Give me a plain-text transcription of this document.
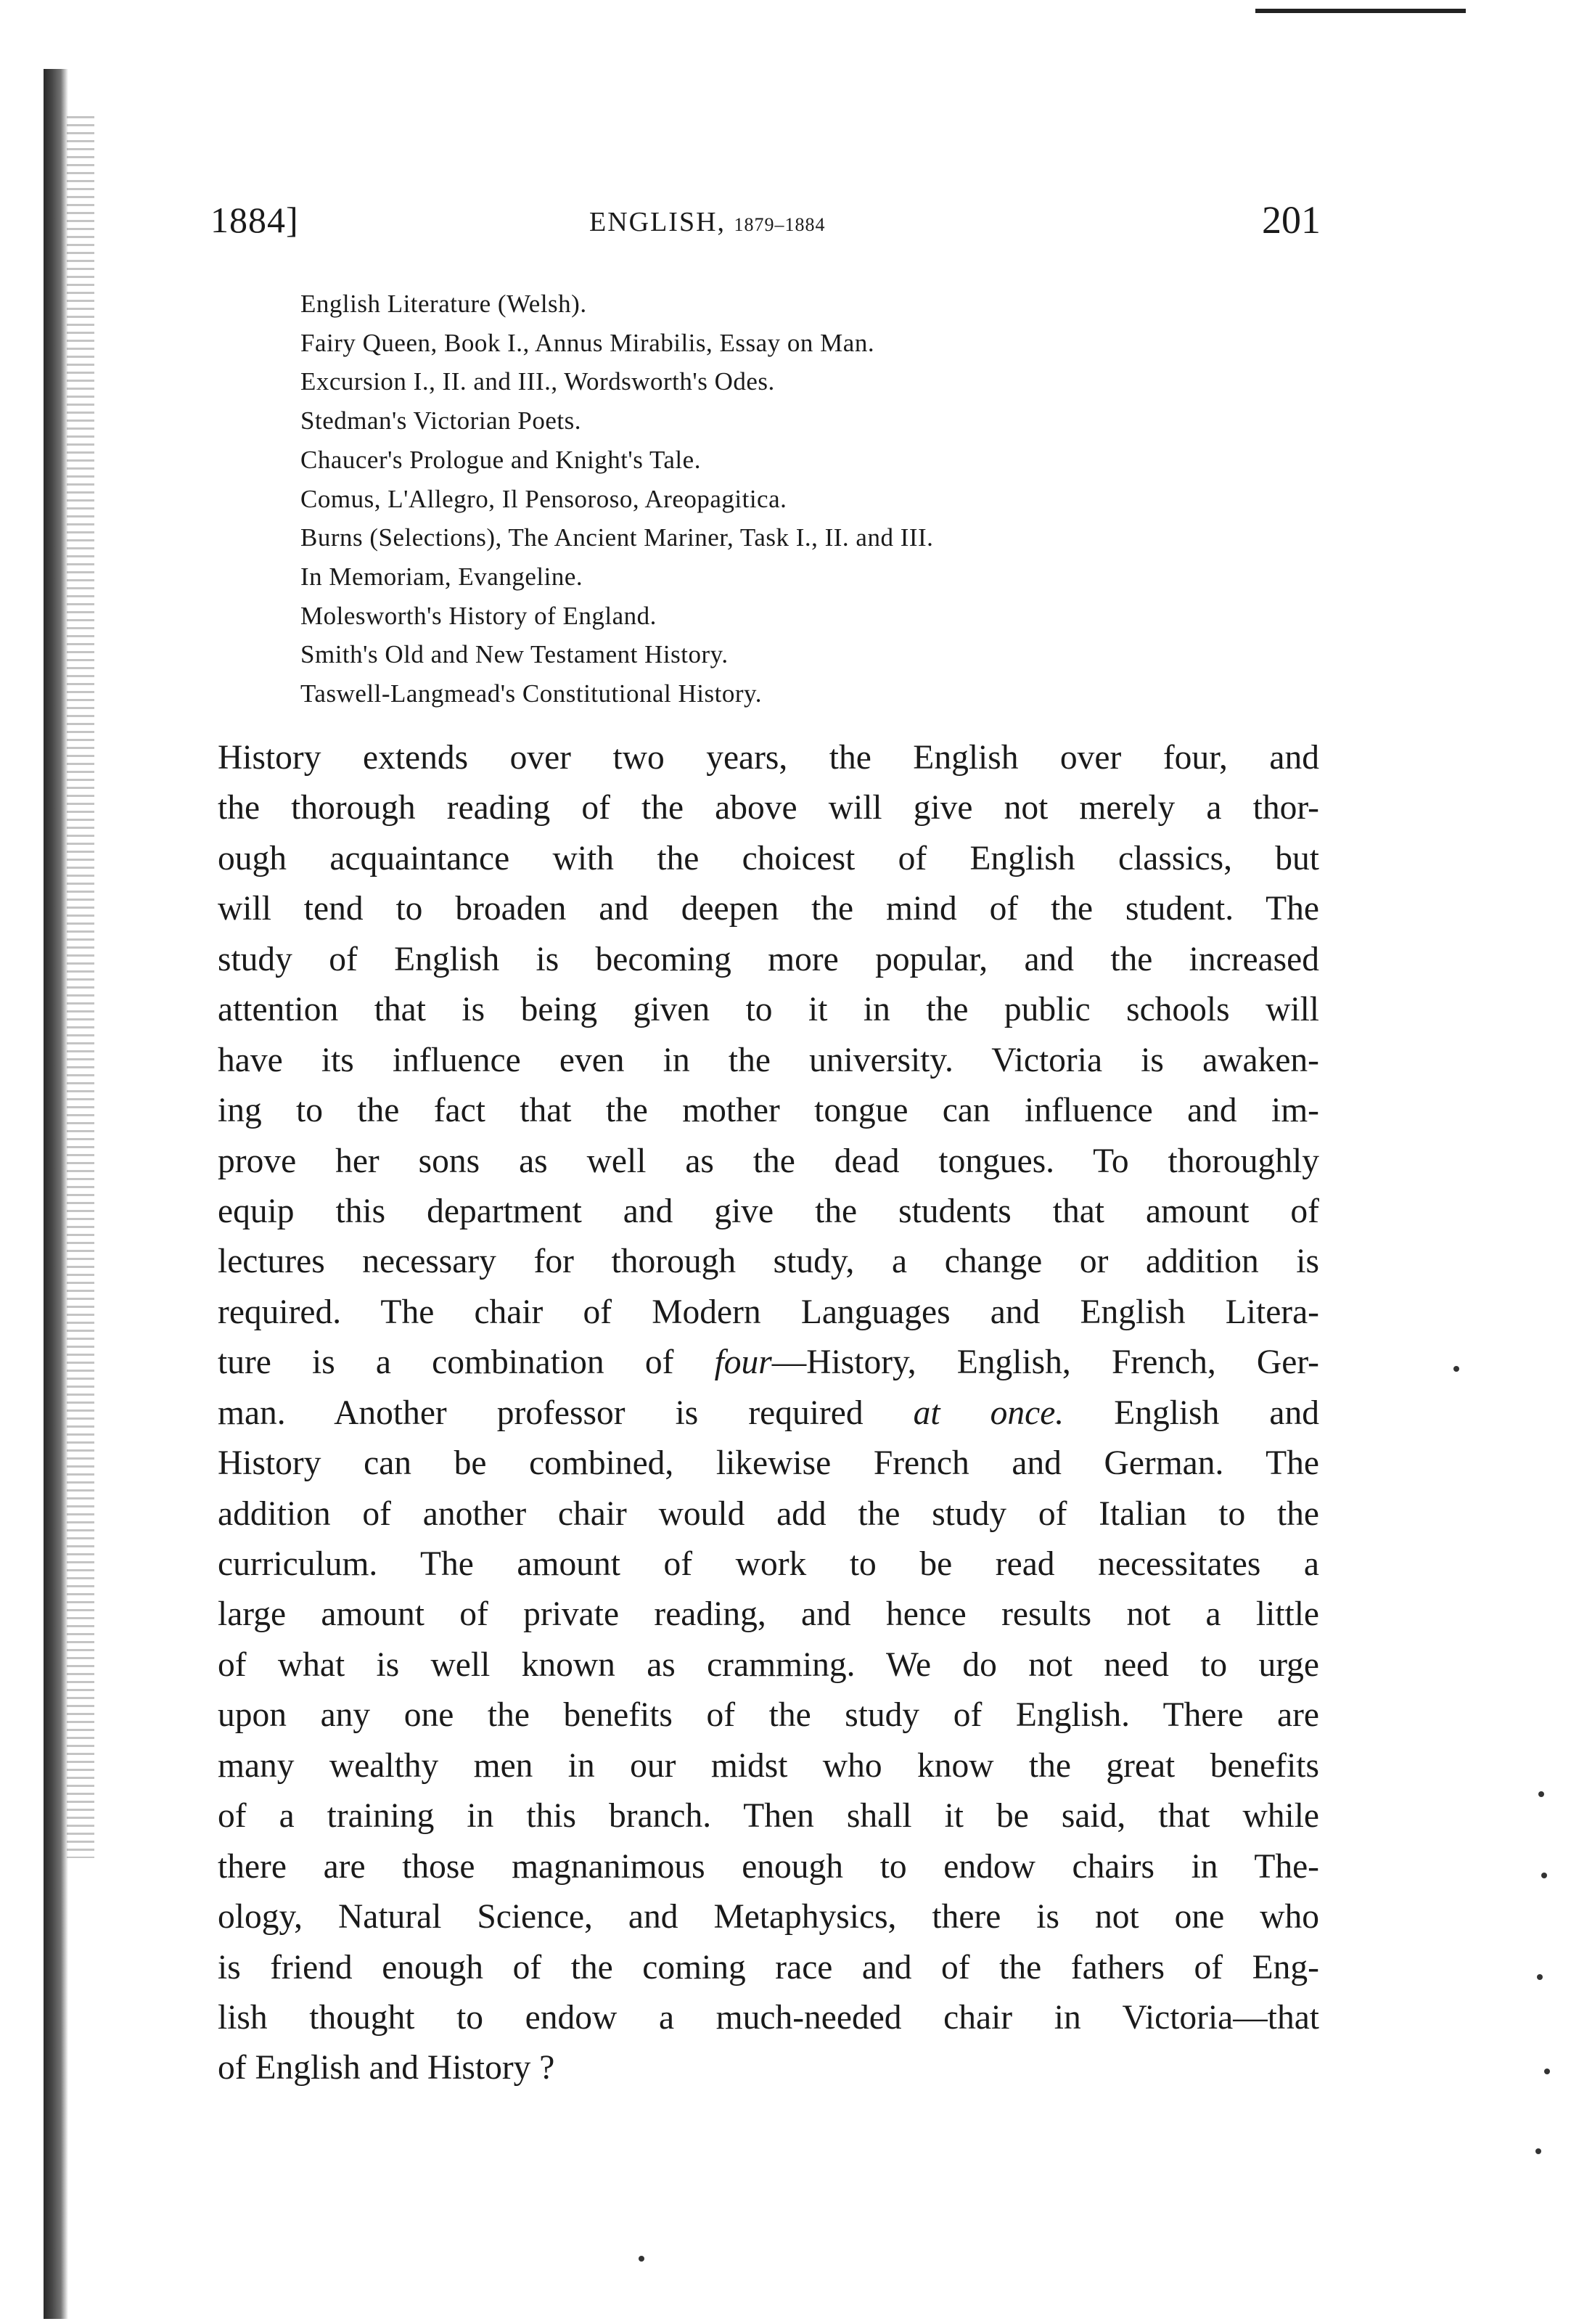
1884]	ENGLISH, 1879–1884	201
English Literature (Welsh).
Fairy Queen, Book I., Annus Mirabilis, Essay on Man.
Excursion I., II. and III., Wordsworth's Odes.
Stedman's Victorian Poets.
Chaucer's Prologue and Knight's Tale.
Comus, L'Allegro, Il Pensoroso, Areopagitica.
Burns (Selections), The Ancient Mariner, Task I., II. and III.
In Memoriam, Evangeline.
Molesworth's History of England.
Smith's Old and New Testament History.
Taswell-Langmead's Constitutional History.
History extends over two years, the English over four, and
the thorough reading of the above will give not merely a thor-
ough acquaintance with the choicest of English classics, but
will tend to broaden and deepen the mind of the student. The
study of English is becoming more popular, and the increased
attention that is being given to it in the public schools will
have its influence even in the university. Victoria is awaken-
ing to the fact that the mother tongue can influence and im-
prove her sons as well as the dead tongues. To thoroughly
equip this department and give the students that amount of
lectures necessary for thorough study, a change or addition is
required. The chair of Modern Languages and English Litera-
ture is a combination of four—History, English, French, Ger-
man. Another professor is required at once. English and
History can be combined, likewise French and German. The
addition of another chair would add the study of Italian to the
curriculum. The amount of work to be read necessitates a
large amount of private reading, and hence results not a little
of what is well known as cramming. We do not need to urge
upon any one the benefits of the study of English. There are
many wealthy men in our midst who know the great benefits
of a training in this branch. Then shall it be said, that while
there are those magnanimous enough to endow chairs in The-
ology, Natural Science, and Metaphysics, there is not one who
is friend enough of the coming race and of the fathers of Eng-
lish thought to endow a much-needed chair in Victoria—that
of English and History ?
